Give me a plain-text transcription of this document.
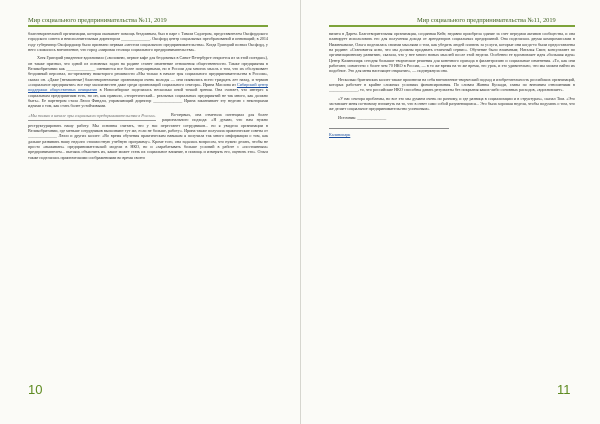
Мир социального предпринимательства №11, 2019

благотворительной организации, которая оказывает помощь бездомным, был в паре с Тимом Садлером, представителем Оксфордского городского совета и неисполнительным директором ______________. Оксфорд центр социальных преобразований и инноваций; в 2014 году губернатор Оксфордшир было признано первым «местом социального предпринимательства». Когда Григорий позвал Оксфорд, у него сложилось впечатление, что город «мировая столица социального предпринимательства».

Хотя Григорий увиденное вдохновило («вспомню, первое кафе для бездомных в Санкт-Петербурге откроется из за этой поездки»), он также признал, что одной из основных задач на родине станет изменение отношения общественности. Также предприятия в Великобритании как ______________ сменяются все более популярными, но в России для многих мысль о том, что их обслуживает бездомный персонал, по-прежнему никоторого решимости «Мы только в начале эры социального предпринимательства в России», сказал он. «Даже [незаконные] благотворительные организации очень молоды — они появились всего тридцать лет назад, и термин «социальное предприятие» все еще малоизвестен даже среди организаций социального сектора». Ирина Маслова из Сибирский центр поддержки общественных инициатив в Новосибирске поделилась несколько иной точкой зрения. Она считает, что интерес к социальным предприятиям есть, но он, как правило, «теоретический... реальных социальных предприятий не так много, как должно быть». Ее партнером стала Люси Финдли, управляющий директор ______________ Ирина заканчивает эту неделю с некоторыми идеями о том, как стать более устойчивыми.

«Мы только в начале эры социального предпринимательства в России»	Во-первых, она отметила потенциал для более рационального подхода: «Я думаю, что нам нужно реструктурировать нашу работу. Мы основны считать, что у нас перестанет сотрудников... но я увидела организации в Великобритании, где меньше сотрудников выполняют тут же, если не больше, работу». Ирина также получила практические советы от ______________ Люси и других коллег: «Во время обучения практическим навыкам я получила так много информации о том, как дальше развивать нашу недолго стоимостную учебную программу». Кроме того, она задалась вопросом, что нужно делать, чтобы не просто «выживать» предпринимательской модели в НКО, но и «зарабатывать больше условий в работе с «постоянным» предпринимателем... пытаясь объяснить их, какие может стать их социальное влияние, в помощь и измерять его, оценить это». Ольга также поделилась практическими соображениями во время своего

10
Мир социального предпринимательства №11, 2019

визита в Дарем. Благотворительная организация, созданная Кейт, недавно приобрела здание за счет передачи активов сообщества, и она планирует использовать его для получения дохода от арендаторов социальных предприятий. Она поделилась двумя компромиссами в Нижнекамске, Ольга поделилась своими мыслями о том, как убедить людей платить за услуги, которые они когда-то были предоставлены на родине: «Становится ясно, что мы должны продавать отличный сервис». Обучение было взаимным; Наталья Смит, консультант по организационному развитию, сказала, что у нее много новых мыслей после этой недели. Особенно ее вдохновляет идея «большая идея» Центр Калинопарк сегодня большие творческие решения для конечного прихода в филантропию и социальные изменения. «То, как они работают, совместно с более чем 70 НКО в России, — в то же время на то же время, это урок, и это удивительно, что мы можем найти их подобное. Это для меня настоящее открытие», — подчеркнула она.

Несколько британских коллег также произвели на себя впечатление творческий подход и изобретательность российских организаций, которых работает в крайне сложных условиях финансирования. По словам Жанны Кускади, главы по внешним отношениям в ______________, то, что российские НКО способны давать результаты без покрытия каких-либо основных расходов, «вдохновляет».

«У нас сектора проблемы, но все это мы думаем очень по разному, и где разница в социализации и в структурах», сказал Тим. «Это заставляет меня по-новому взглянуть на то, что в ответ само собой разумеющимся... Это была хорошая неделя, чтобы подумать о том, что же делает социальное предпринимательство успешным».

Источник: ______________

Калинопарк
11
